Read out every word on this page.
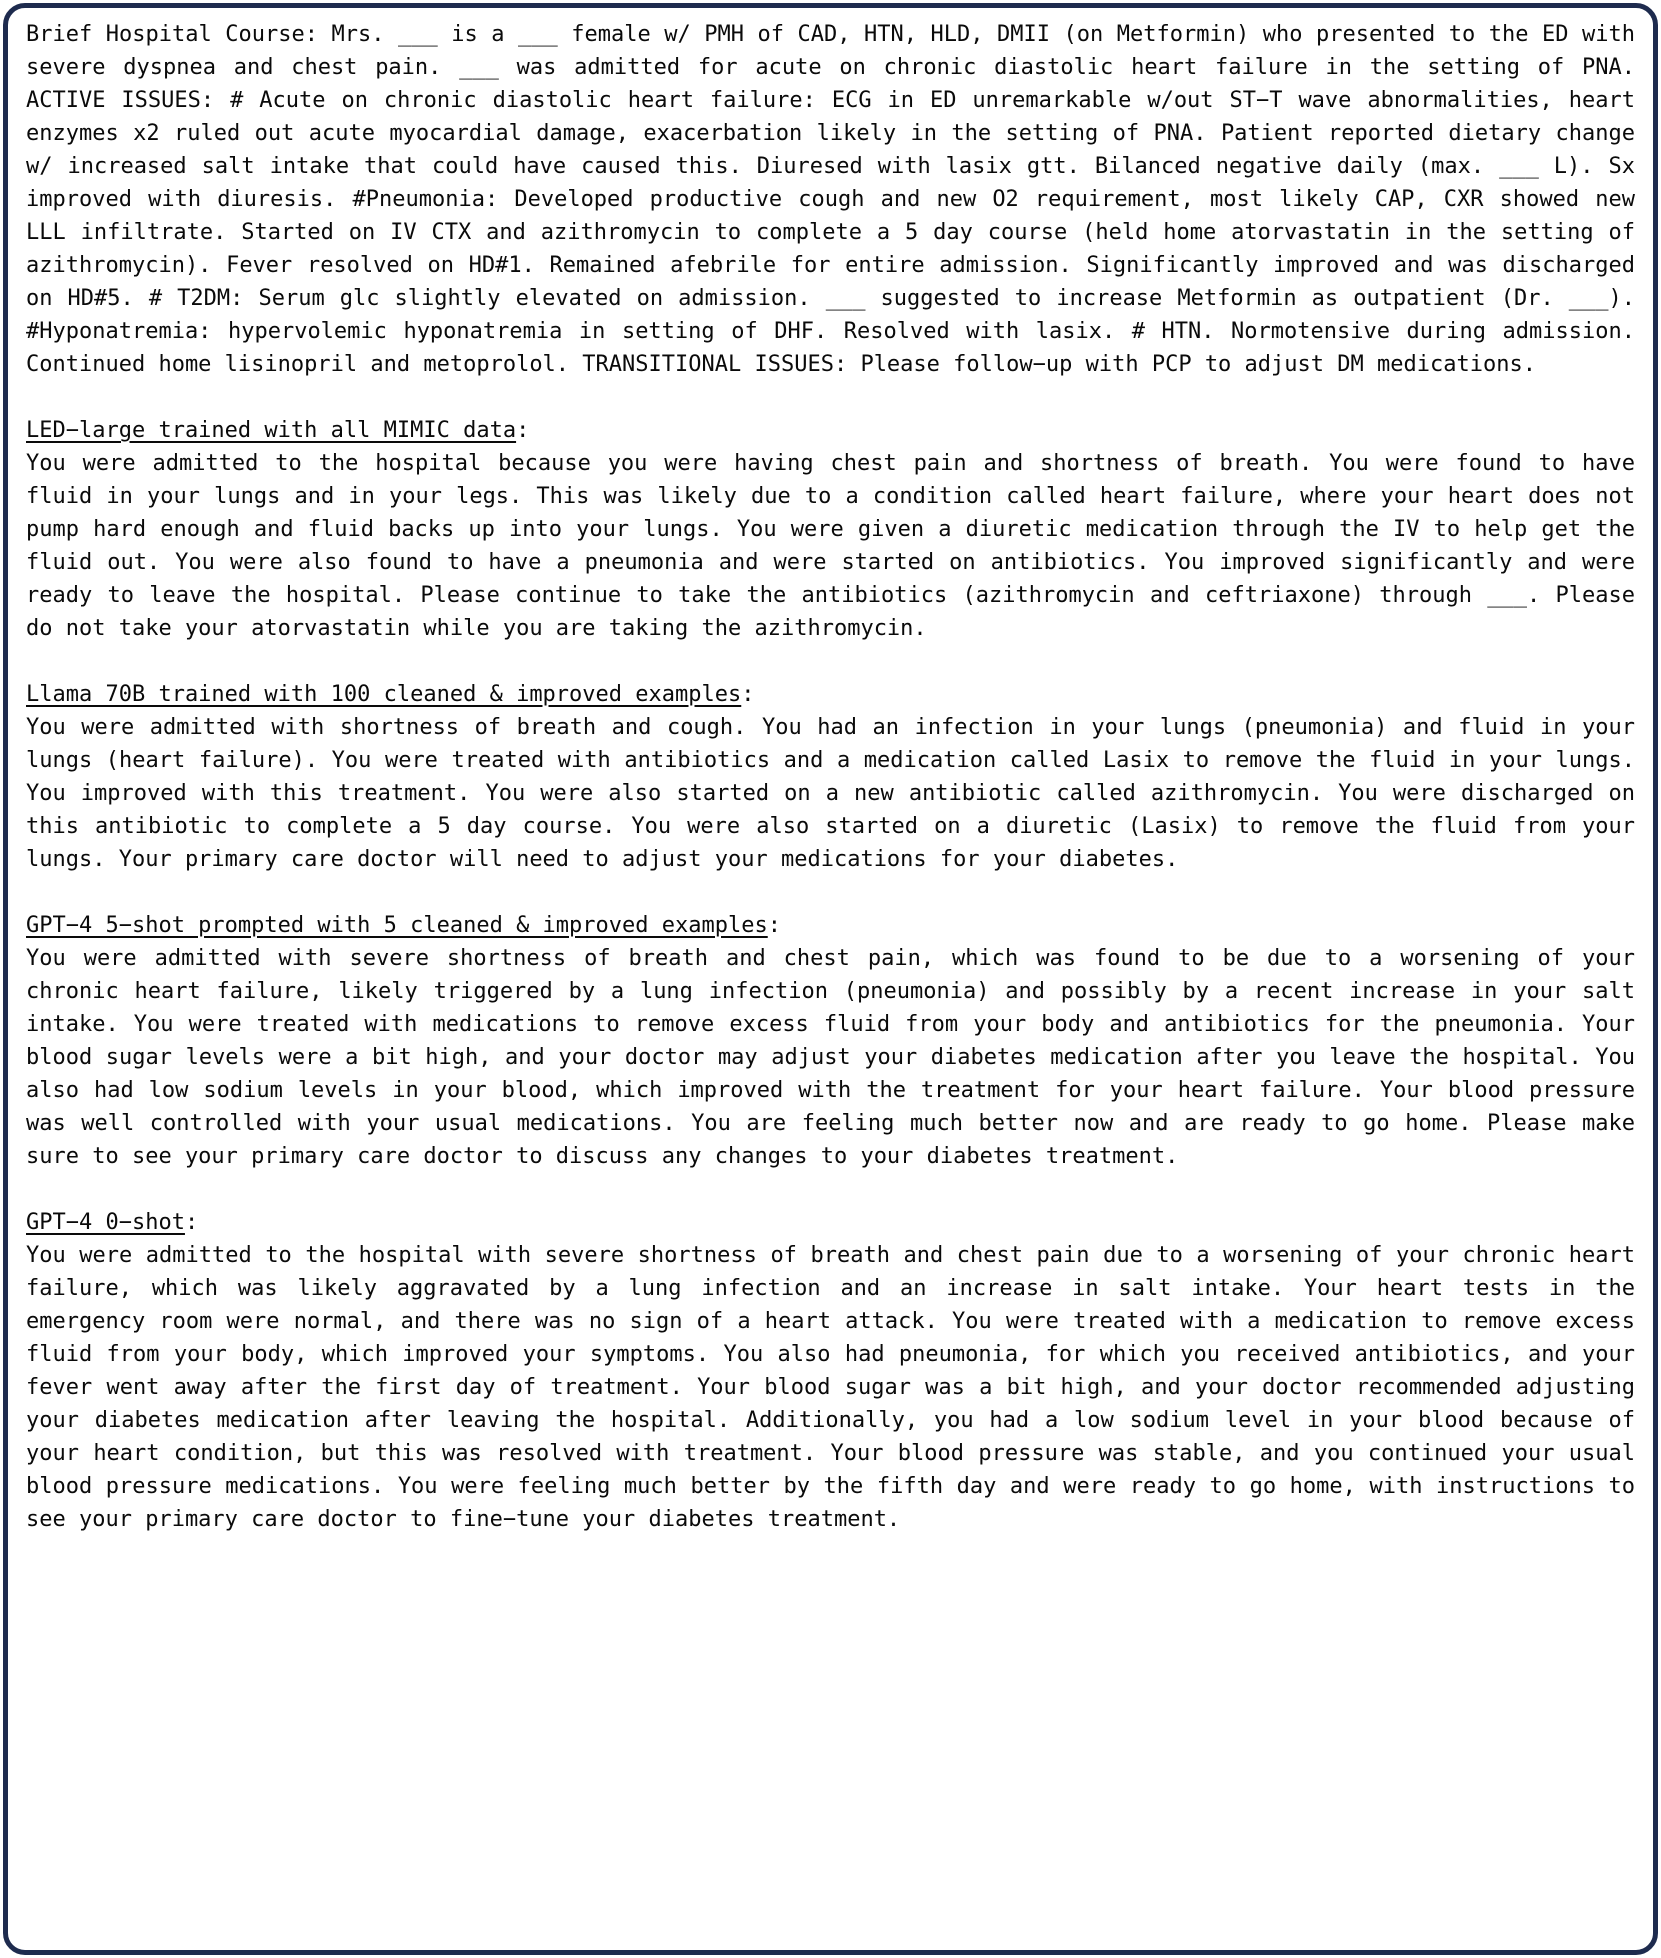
Brief Hospital Course: Mrs. ___ is a ___ female w/ PMH of CAD, HTN, HLD, DMII (on Metformin) who presented to the ED with severe dyspnea and chest pain. ___ was admitted for acute on chronic diastolic heart failure in the setting of PNA. ACTIVE ISSUES: # Acute on chronic diastolic heart failure: ECG in ED unremarkable w/out ST−T wave abnormalities, heart enzymes x2 ruled out acute myocardial damage, exacerbation likely in the setting of PNA. Patient reported dietary change w/ increased salt intake that could have caused this. Diuresed with lasix gtt. Bilanced negative daily (max. ___ L). Sx improved with diuresis. #Pneumonia: Developed productive cough and new O2 requirement, most likely CAP, CXR showed new LLL infiltrate. Started on IV CTX and azithromycin to complete a 5 day course (held home atorvastatin in the setting of azithromycin). Fever resolved on HD#1. Remained afebrile for entire admission. Significantly improved and was discharged on HD#5. # T2DM: Serum glc slightly elevated on admission. ___ suggested to increase Metformin as outpatient (Dr. ___). #Hyponatremia: hypervolemic hyponatremia in setting of DHF. Resolved with lasix. # HTN. Normotensive during admission. Continued home lisinopril and metoprolol. TRANSITIONAL ISSUES: Please follow−up with PCP to adjust DM medications.

LED−large trained with all MIMIC data:

You were admitted to the hospital because you were having chest pain and shortness of breath. You were found to have fluid in your lungs and in your legs. This was likely due to a condition called heart failure, where your heart does not pump hard enough and fluid backs up into your lungs. You were given a diuretic medication through the IV to help get the fluid out. You were also found to have a pneumonia and were started on antibiotics. You improved significantly and were ready to leave the hospital. Please continue to take the antibiotics (azithromycin and ceftriaxone) through ___. Please do not take your atorvastatin while you are taking the azithromycin.

Llama 70B trained with 100 cleaned & improved examples:

You were admitted with shortness of breath and cough. You had an infection in your lungs (pneumonia) and fluid in your lungs (heart failure). You were treated with antibiotics and a medication called Lasix to remove the fluid in your lungs. You improved with this treatment. You were also started on a new antibiotic called azithromycin. You were discharged on this antibiotic to complete a 5 day course. You were also started on a diuretic (Lasix) to remove the fluid from your lungs. Your primary care doctor will need to adjust your medications for your diabetes.

GPT−4 5−shot prompted with 5 cleaned & improved examples:

You were admitted with severe shortness of breath and chest pain, which was found to be due to a worsening of your chronic heart failure, likely triggered by a lung infection (pneumonia) and possibly by a recent increase in your salt intake. You were treated with medications to remove excess fluid from your body and antibiotics for the pneumonia. Your blood sugar levels were a bit high, and your doctor may adjust your diabetes medication after you leave the hospital. You also had low sodium levels in your blood, which improved with the treatment for your heart failure. Your blood pressure was well controlled with your usual medications. You are feeling much better now and are ready to go home. Please make sure to see your primary care doctor to discuss any changes to your diabetes treatment.

GPT−4 0−shot:

You were admitted to the hospital with severe shortness of breath and chest pain due to a worsening of your chronic heart failure, which was likely aggravated by a lung infection and an increase in salt intake. Your heart tests in the emergency room were normal, and there was no sign of a heart attack. You were treated with a medication to remove excess fluid from your body, which improved your symptoms. You also had pneumonia, for which you received antibiotics, and your fever went away after the first day of treatment. Your blood sugar was a bit high, and your doctor recommended adjusting your diabetes medication after leaving the hospital. Additionally, you had a low sodium level in your blood because of your heart condition, but this was resolved with treatment. Your blood pressure was stable, and you continued your usual blood pressure medications. You were feeling much better by the fifth day and were ready to go home, with instructions to see your primary care doctor to fine−tune your diabetes treatment.
